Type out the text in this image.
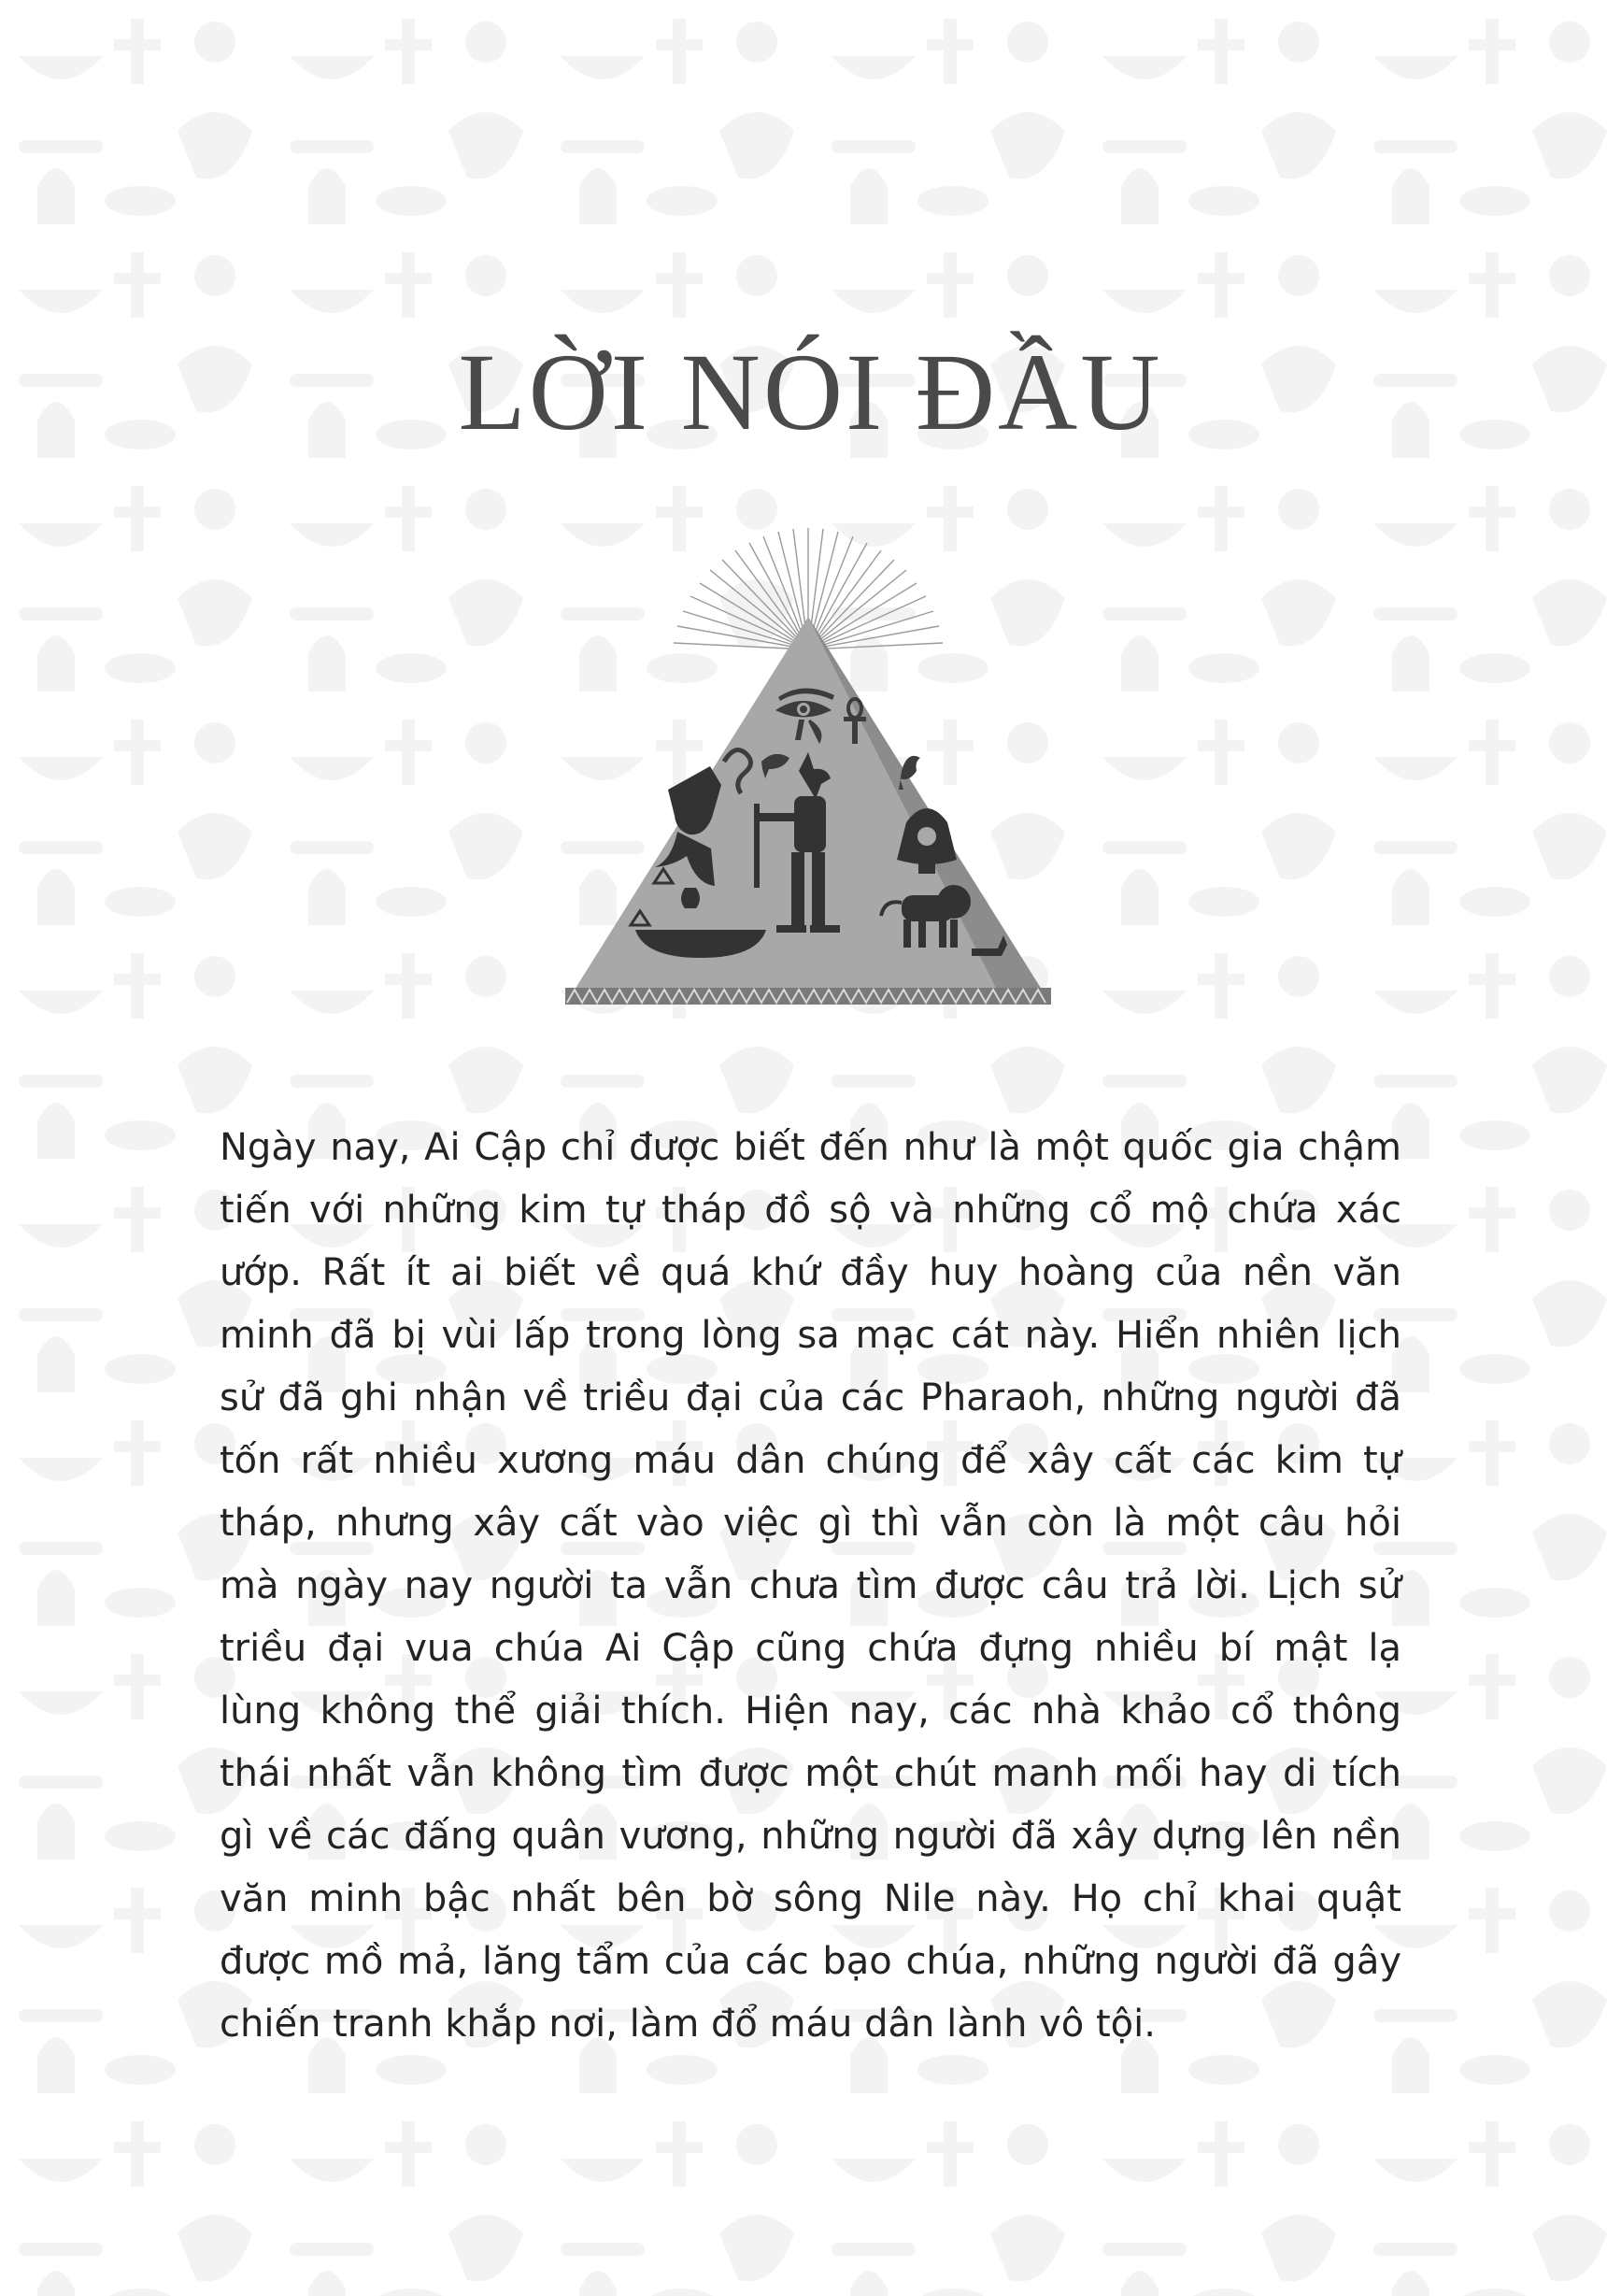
LỜI NÓI ĐẦU
Ngày nay, Ai Cập chỉ được biết đến như là một quốc gia chậm
tiến với những kim tự tháp đồ sộ và những cổ mộ chứa xác
ướp. Rất ít ai biết về quá khứ đầy huy hoàng của nền văn
minh đã bị vùi lấp trong lòng sa mạc cát này. Hiển nhiên lịch
sử đã ghi nhận về triều đại của các Pharaoh, những người đã
tốn rất nhiều xương máu dân chúng để xây cất các kim tự
tháp, nhưng xây cất vào việc gì thì vẫn còn là một câu hỏi
mà ngày nay người ta vẫn chưa tìm được câu trả lời. Lịch sử
triều đại vua chúa Ai Cập cũng chứa đựng nhiều bí mật lạ
lùng không thể giải thích. Hiện nay, các nhà khảo cổ thông
thái nhất vẫn không tìm được một chút manh mối hay di tích
gì về các đấng quân vương, những người đã xây dựng lên nền
văn minh bậc nhất bên bờ sông Nile này. Họ chỉ khai quật
được mồ mả, lăng tẩm của các bạo chúa, những người đã gây
chiến tranh khắp nơi, làm đổ máu dân lành vô tội.
